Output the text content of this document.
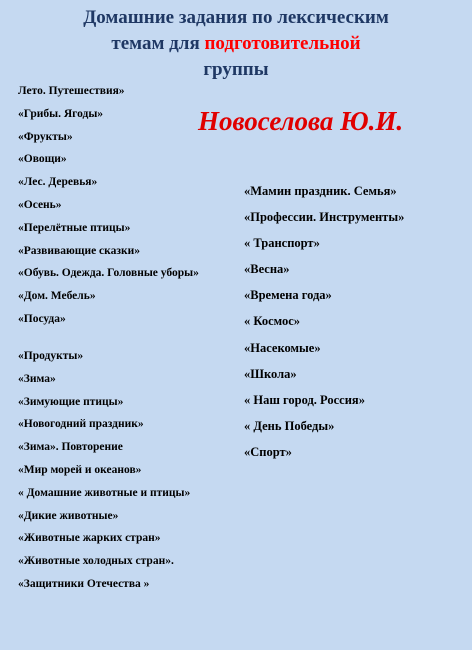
Домашние задания по лексическим
темам для подготовительной
группы
Новоселова Ю.И.
Лето. Путешествия»
«Грибы. Ягоды»
«Фрукты»
«Овощи»
«Лес. Деревья»
«Осень»
«Перелётные птицы»
«Развивающие сказки»
«Обувь. Одежда. Головные уборы»
«Дом. Мебель»
«Посуда»
«Продукты»
«Зима»
«Зимующие птицы»
«Новогодний праздник»
«Зима». Повторение
«Мир морей и океанов»
« Домашние животные и птицы»
«Дикие животные»
«Животные жарких стран»
«Животные холодных стран».
«Защитники Отечества »
«Мамин праздник. Семья»
«Профессии. Инструменты»
« Транспорт»
«Весна»
«Времена года»
« Космос»
«Насекомые»
«Школа»
« Наш город. Россия»
« День Победы»
«Спорт»
